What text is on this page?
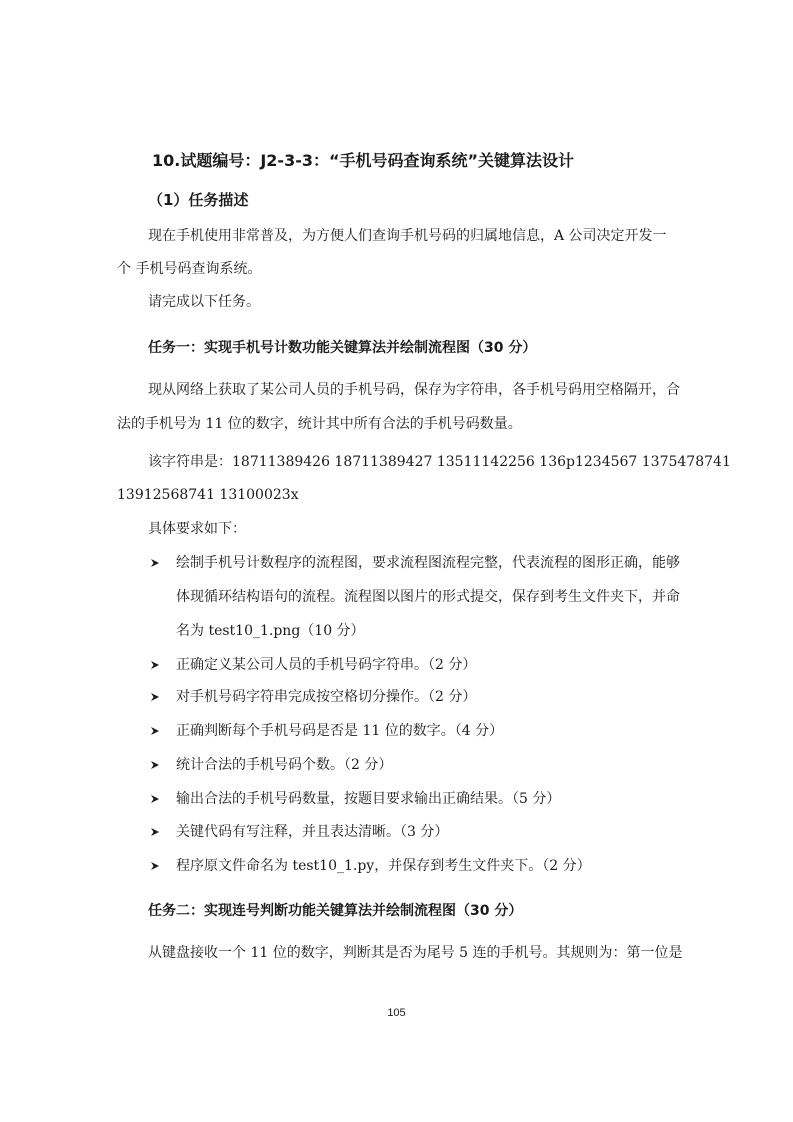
10.试题编号：J2-3-3：“手机号码查询系统”关键算法设计
（1）任务描述
现在手机使用非常普及，为方便人们查询手机号码的归属地信息，A 公司决定开发一
个 手机号码查询系统。
请完成以下任务。
任务一：实现手机号计数功能关键算法并绘制流程图（30 分）
现从网络上获取了某公司人员的手机号码，保存为字符串，各手机号码用空格隔开，合
法的手机号为 11 位的数字，统计其中所有合法的手机号码数量。
该字符串是：18711389426 18711389427 13511142256 136p1234567 1375478741
13912568741 13100023x
具体要求如下：
绘制手机号计数程序的流程图，要求流程图流程完整，代表流程的图形正确，能够
体现循环结构语句的流程。流程图以图片的形式提交，保存到考生文件夹下，并命
名为 test10_1.png（10 分）
正确定义某公司人员的手机号码字符串。（2 分）
对手机号码字符串完成按空格切分操作。（2 分）
正确判断每个手机号码是否是 11 位的数字。（4 分）
统计合法的手机号码个数。（2 分）
输出合法的手机号码数量，按题目要求输出正确结果。（5 分）
关键代码有写注释，并且表达清晰。（3 分）
程序原文件命名为 test10_1.py，并保存到考生文件夹下。（2 分）
任务二：实现连号判断功能关键算法并绘制流程图（30 分）
从键盘接收一个 11 位的数字，判断其是否为尾号 5 连的手机号。其规则为：第一位是
105
